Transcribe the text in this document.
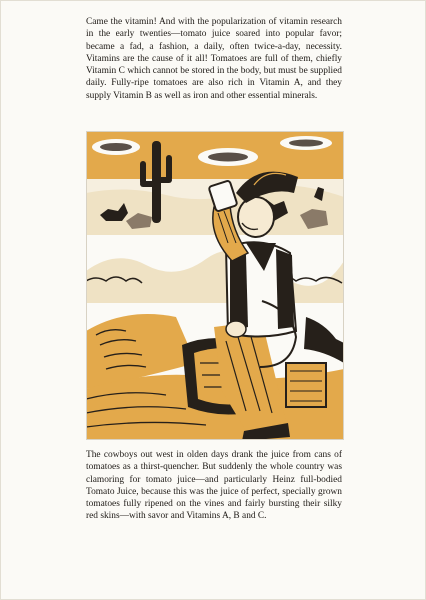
Came the vitamin! And with the popularization of vitamin research in the early twenties—tomato juice soared into popular favor; became a fad, a fashion, a daily, often twice-a-day, necessity. Vitamins are the cause of it all! Tomatoes are full of them, chiefly Vitamin C which cannot be stored in the body, but must be supplied daily. Fully-ripe tomatoes are also rich in Vitamin A, and they supply Vitamin B as well as iron and other essential minerals.

The cowboys out west in olden days drank the juice from cans of tomatoes as a thirst-quencher. But suddenly the whole country was clamoring for tomato juice—and particularly Heinz full-bodied Tomato Juice, because this was the juice of perfect, specially grown tomatoes fully ripened on the vines and fairly bursting their silky red skins—with savor and Vitamins A, B and C.
